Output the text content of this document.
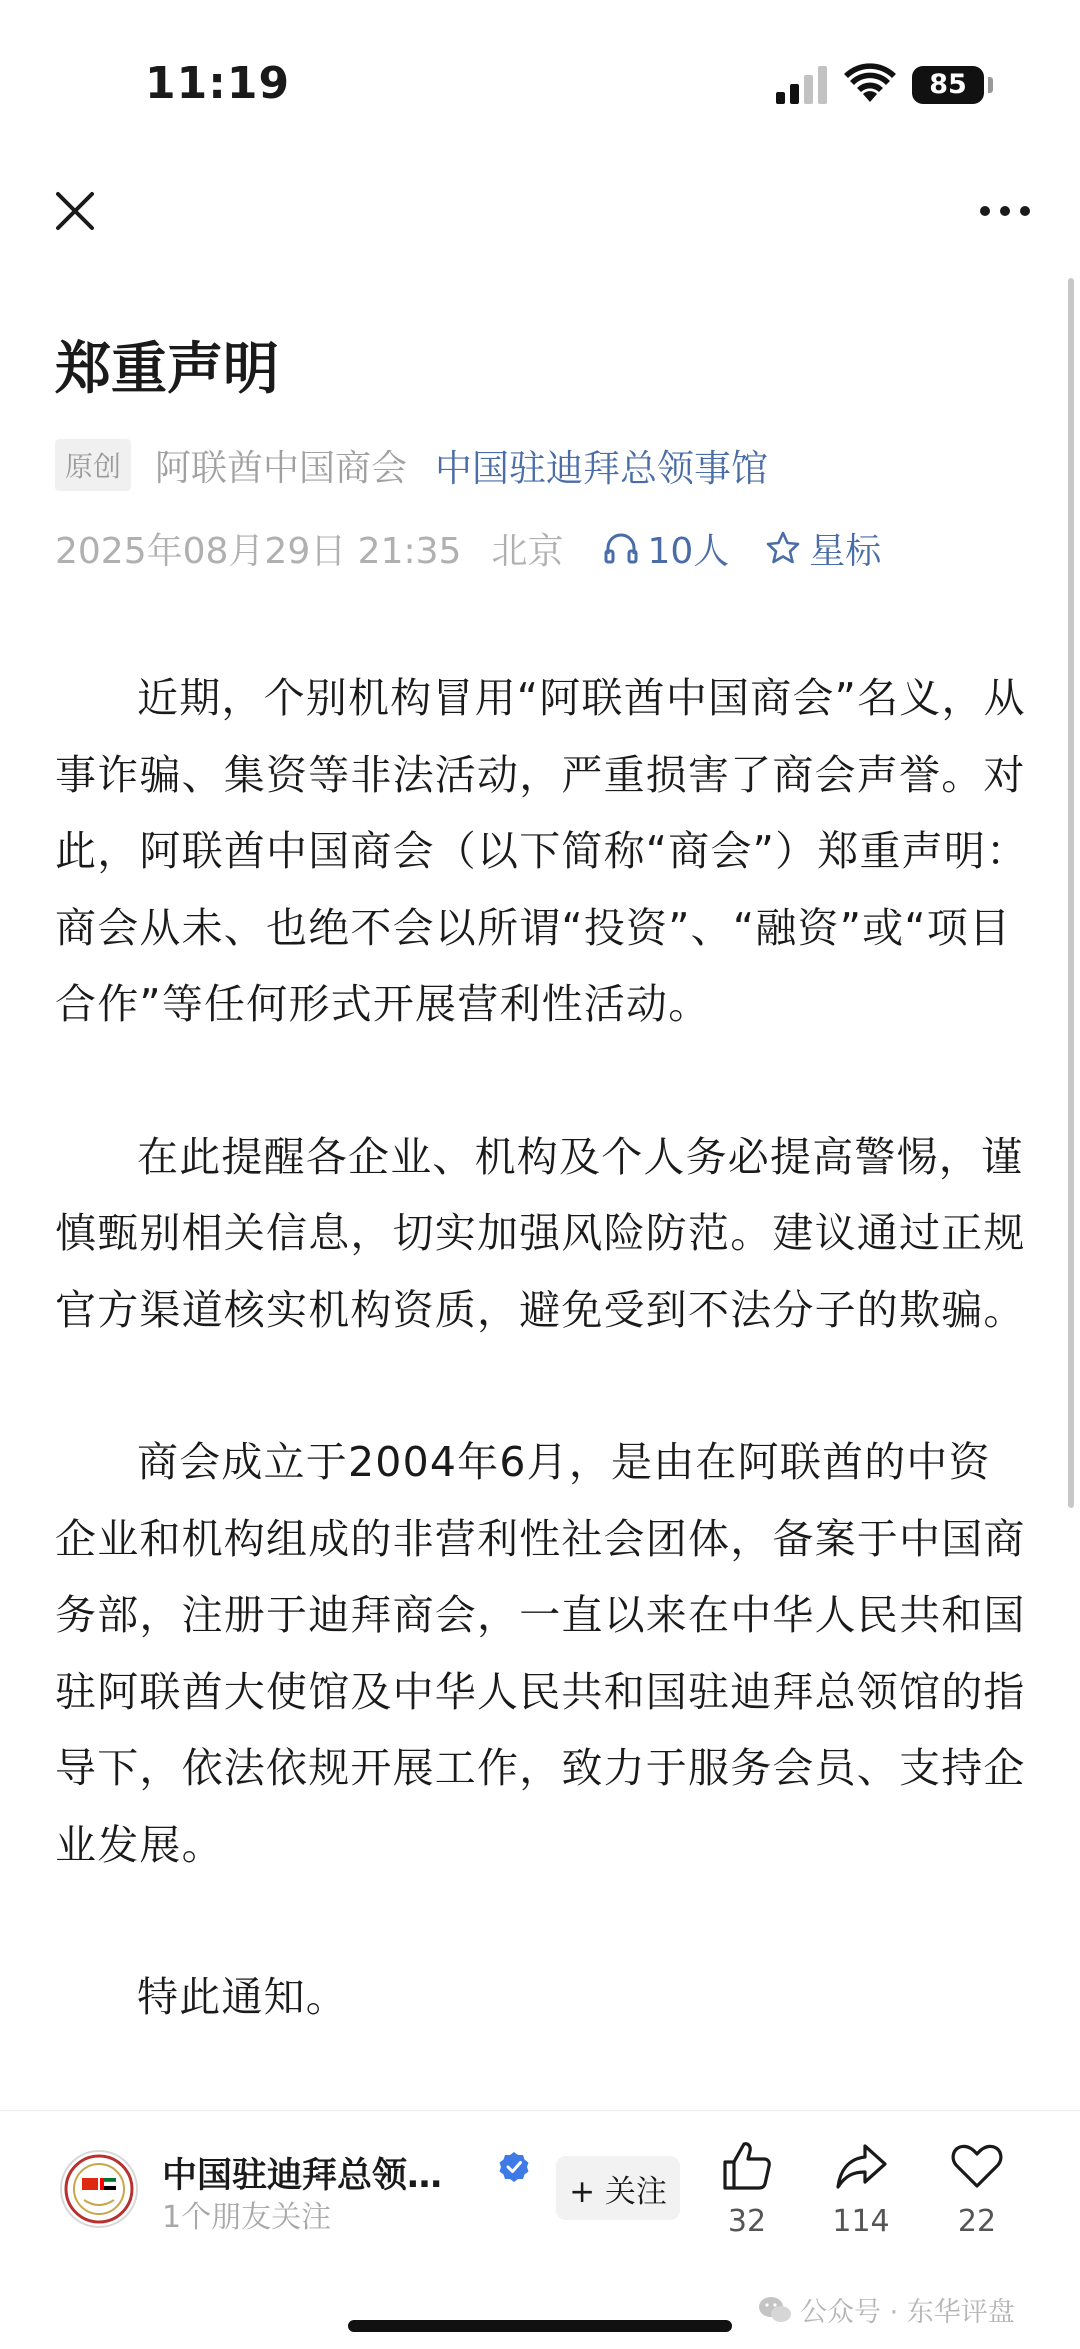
11:19	85
郑重声明
原创 阿联酋中国商会 中国驻迪拜总领事馆
2025年08月29日 21:35 北京 10人 星标

近期，个别机构冒用“阿联酋中国商会”名义，从事诈骗、集资等非法活动，严重损害了商会声誉。对此，阿联酋中国商会（以下简称“商会”）郑重声明：商会从未、也绝不会以所谓“投资”、“融资”或“项目合作”等任何形式开展营利性活动。

在此提醒各企业、机构及个人务必提高警惕，谨慎甄别相关信息，切实加强风险防范。建议通过正规官方渠道核实机构资质，避免受到不法分子的欺骗。

商会成立于2004年6月，是由在阿联酋的中资企业和机构组成的非营利性社会团体，备案于中国商务部，注册于迪拜商会，一直以来在中华人民共和国驻阿联酋大使馆及中华人民共和国驻迪拜总领馆的指导下，依法依规开展工作，致力于服务会员、支持企业发展。

特此通知。

中国驻迪拜总领…
1个朋友关注
+ 关注
32	114	22
公众号 · 东华评盘
